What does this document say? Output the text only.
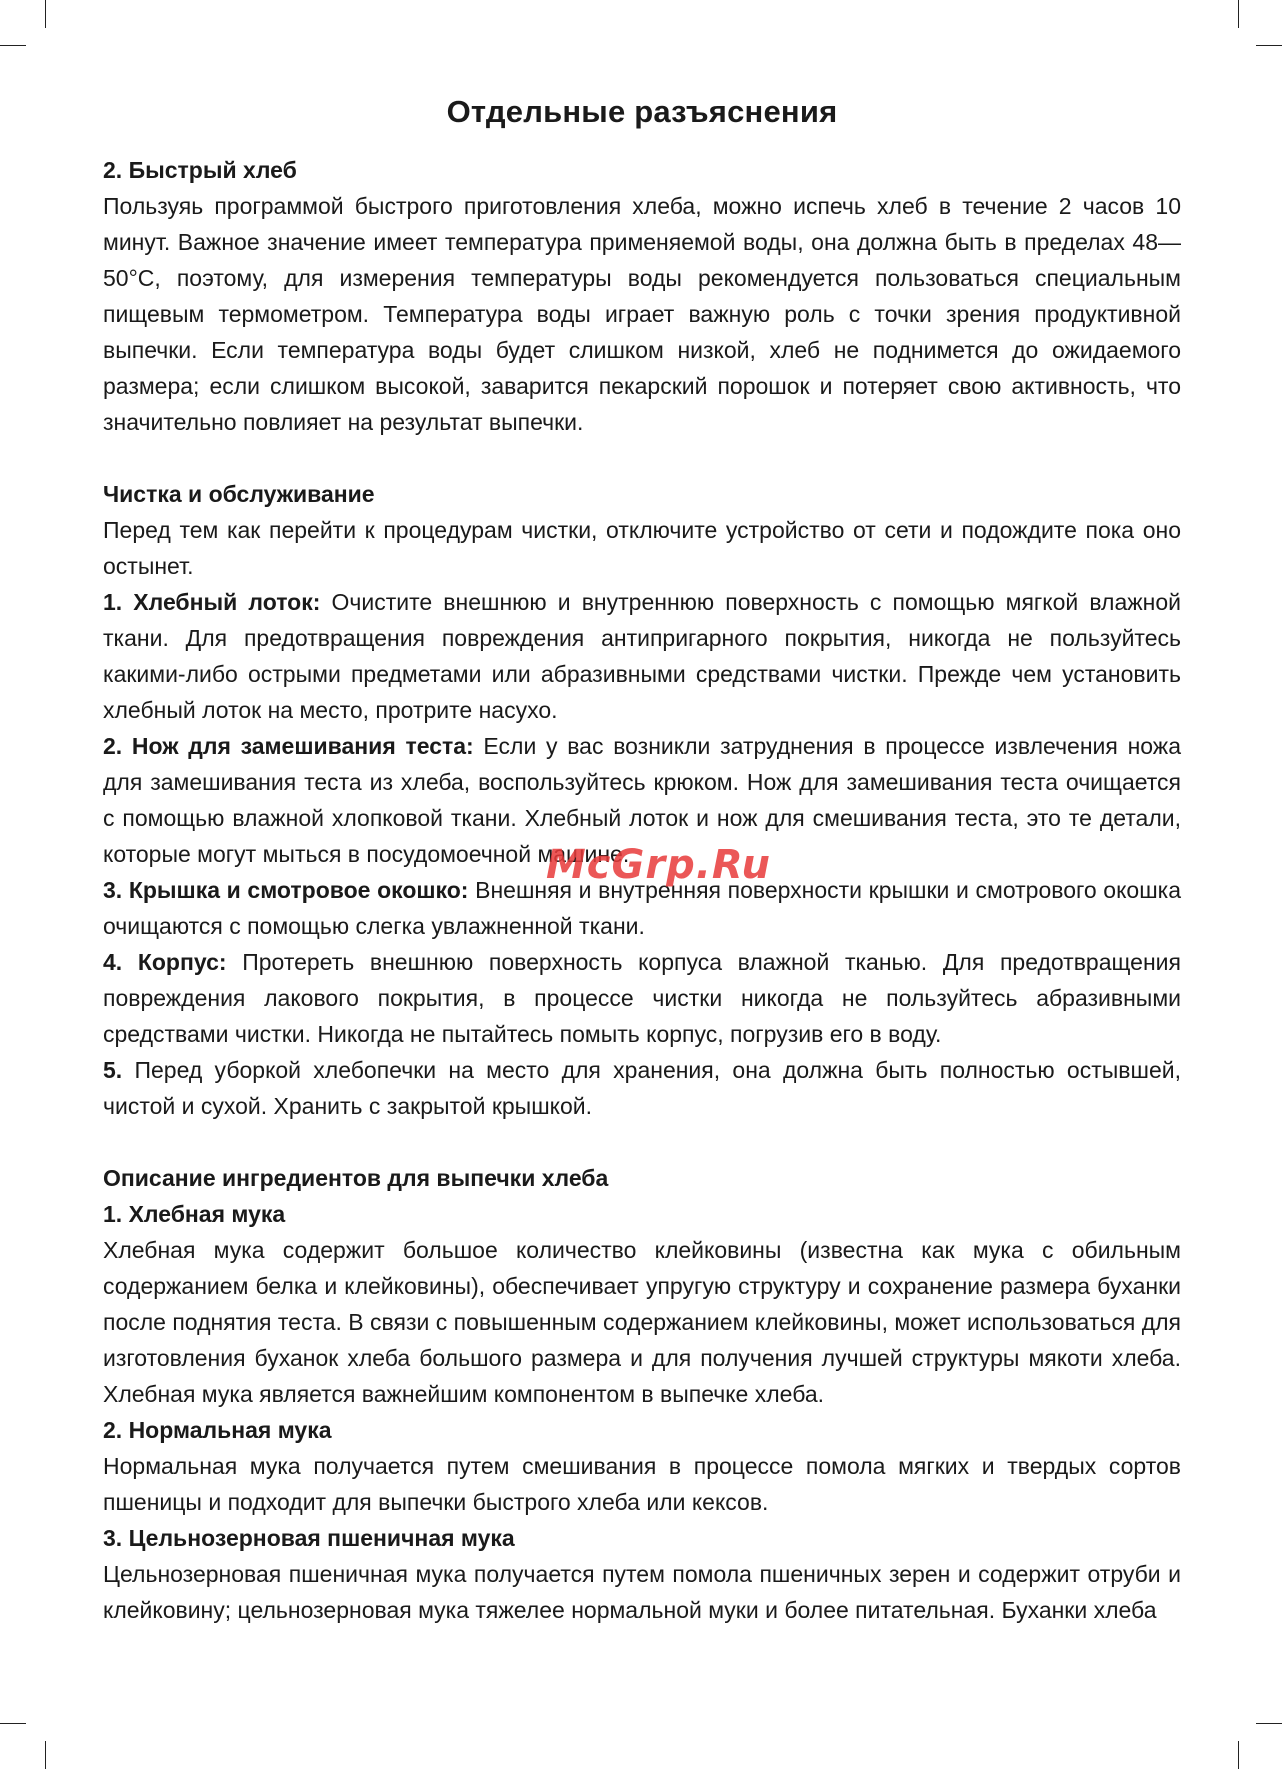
Отдельные разъяснения

2. Быстрый хлеб

Пользуяь программой быстрого приготовления хлеба, можно испечь хлеб в течение 2 часов 10 минут. Важное значение имеет температура применяемой воды, она должна быть в пределах 48—50°С, поэтому, для измерения температуры воды рекомендуется пользоваться специальным пищевым термометром. Температура воды играет важную роль с точки зрения продуктивной выпечки. Если температура воды будет слишком низкой, хлеб не поднимется до ожидаемого размера; если слишком высокой, заварится пекарский порошок и потеряет свою активность, что значительно повлияет на результат выпечки.

Чистка и обслуживание

Перед тем как перейти к процедурам чистки, отключите устройство от сети и подождите пока оно остынет.

1. Хлебный лоток: Очистите внешнюю и внутреннюю поверхность с помощью мягкой влажной ткани. Для предотвращения повреждения антипригарного покрытия, никогда не пользуйтесь какими-либо острыми предметами или абразивными средствами чистки. Прежде чем установить хлебный лоток на место, протрите насухо.

2. Нож для замешивания теста: Если у вас возникли затруднения в процессе извлечения ножа для замешивания теста из хлеба, воспользуйтесь крюком. Нож для замешивания теста очищается с помощью влажной хлопковой ткани. Хлебный лоток и нож для смешивания теста, это те детали, которые могут мыться в посудомоечной машине.

3. Крышка и смотровое окошко: Внешняя и внутренняя поверхности крышки и смотрового окошка очищаются с помощью слегка увлажненной ткани.

4. Корпус: Протереть внешнюю поверхность корпуса влажной тканью. Для предотвращения повреждения лакового покрытия, в процессе чистки никогда не пользуйтесь абразивными средствами чистки. Никогда не пытайтесь помыть корпус, погрузив его в воду.

5. Перед уборкой хлебопечки на место для хранения, она должна быть полностью остывшей, чистой и сухой. Хранить с закрытой крышкой.

Описание ингредиентов для выпечки хлеба

1. Хлебная мука

Хлебная мука содержит большое количество клейковины (известна как мука с обильным содержанием белка и клейковины), обеспечивает упругую структуру и сохранение размера буханки после поднятия теста. В связи с повышенным содержанием клейковины, может использоваться для изготовления буханок хлеба большого размера и для получения лучшей структуры мякоти хлеба. Хлебная мука является важнейшим компонентом в выпечке хлеба.

2. Нормальная мука

Нормальная мука получается путем смешивания в процессе помола мягких и твердых сортов пшеницы и подходит для выпечки быстрого хлеба или кексов.

3. Цельнозерновая пшеничная мука

Цельнозерновая пшеничная мука получается путем помола пшеничных зерен и содержит отруби и клейковину; цельнозерновая мука тяжелее нормальной муки и более питательная. Буханки хлеба

McGrp.Ru
